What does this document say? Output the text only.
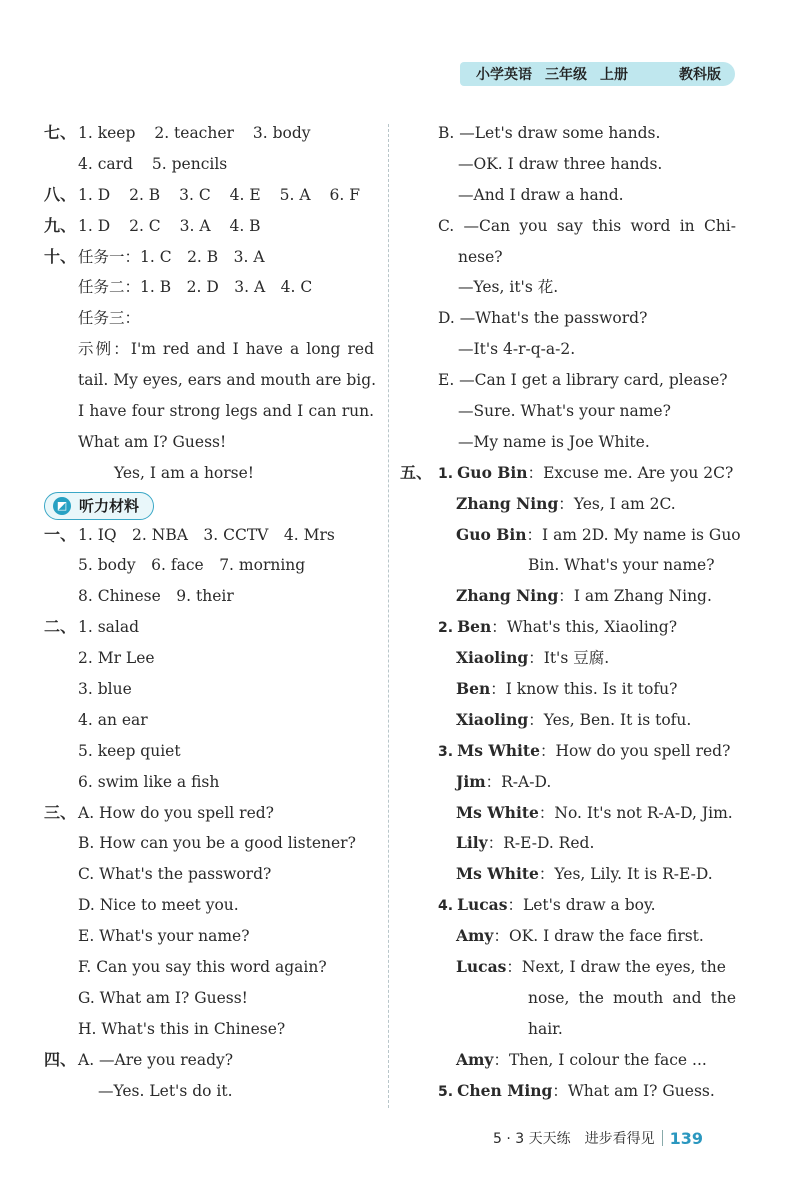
小学英语 三年级 上册	教科版
七、 1. keep 2. teacher 3. body
4. card 5. pencils
八、 1. D 2. B 3. C 4. E 5. A 6. F
九、 1. D 2. C 3. A 4. B
十、 任务一：1. C　2. B　3. A
任务二：1. B　2. D　3. A　4. C
任务三：
示例：I'm red and I have a long red
tail. My eyes, ears and mouth are big.
I have four strong legs and I can run.
What am I? Guess!
Yes, I am a horse!
◩ 听力材料
一、 1. IQ　2. NBA　3. CCTV　4. Mrs
5. body　6. face　7. morning
8. Chinese　9. their
二、 1. salad
2. Mr Lee
3. blue
4. an ear
5. keep quiet
6. swim like a fish
三、 A. How do you spell red?
B. How can you be a good listener?
C. What's the password?
D. Nice to meet you.
E. What's your name?
F. Can you say this word again?
G. What am I? Guess!
H. What's this in Chinese?
四、 A. —Are you ready?
—Yes. Let's do it.
B. —Let's draw some hands.
—OK. I draw three hands.
—And I draw a hand.
C. —Can you say this word in Chi-
nese?
—Yes, it's 花.
D. —What's the password?
—It's 4-r-q-a-2.
E. —Can I get a library card, please?
—Sure. What's your name?
—My name is Joe White.
五、 1. Guo Bin：Excuse me. Are you 2C?
Zhang Ning：Yes, I am 2C.
Guo Bin：I am 2D. My name is Guo
Bin. What's your name?
Zhang Ning：I am Zhang Ning.
2. Ben：What's this, Xiaoling?
Xiaoling：It's 豆腐.
Ben：I know this. Is it tofu?
Xiaoling：Yes, Ben. It is tofu.
3. Ms White：How do you spell red?
Jim：R-A-D.
Ms White：No. It's not R-A-D, Jim.
Lily：R-E-D. Red.
Ms White：Yes, Lily. It is R-E-D.
4. Lucas：Let's draw a boy.
Amy：OK. I draw the face first.
Lucas：Next, I draw the eyes, the
nose, the mouth and the
hair.
Amy：Then, I colour the face ...
5. Chen Ming：What am I? Guess.
5 · 3 天天练　进步看得见 139
